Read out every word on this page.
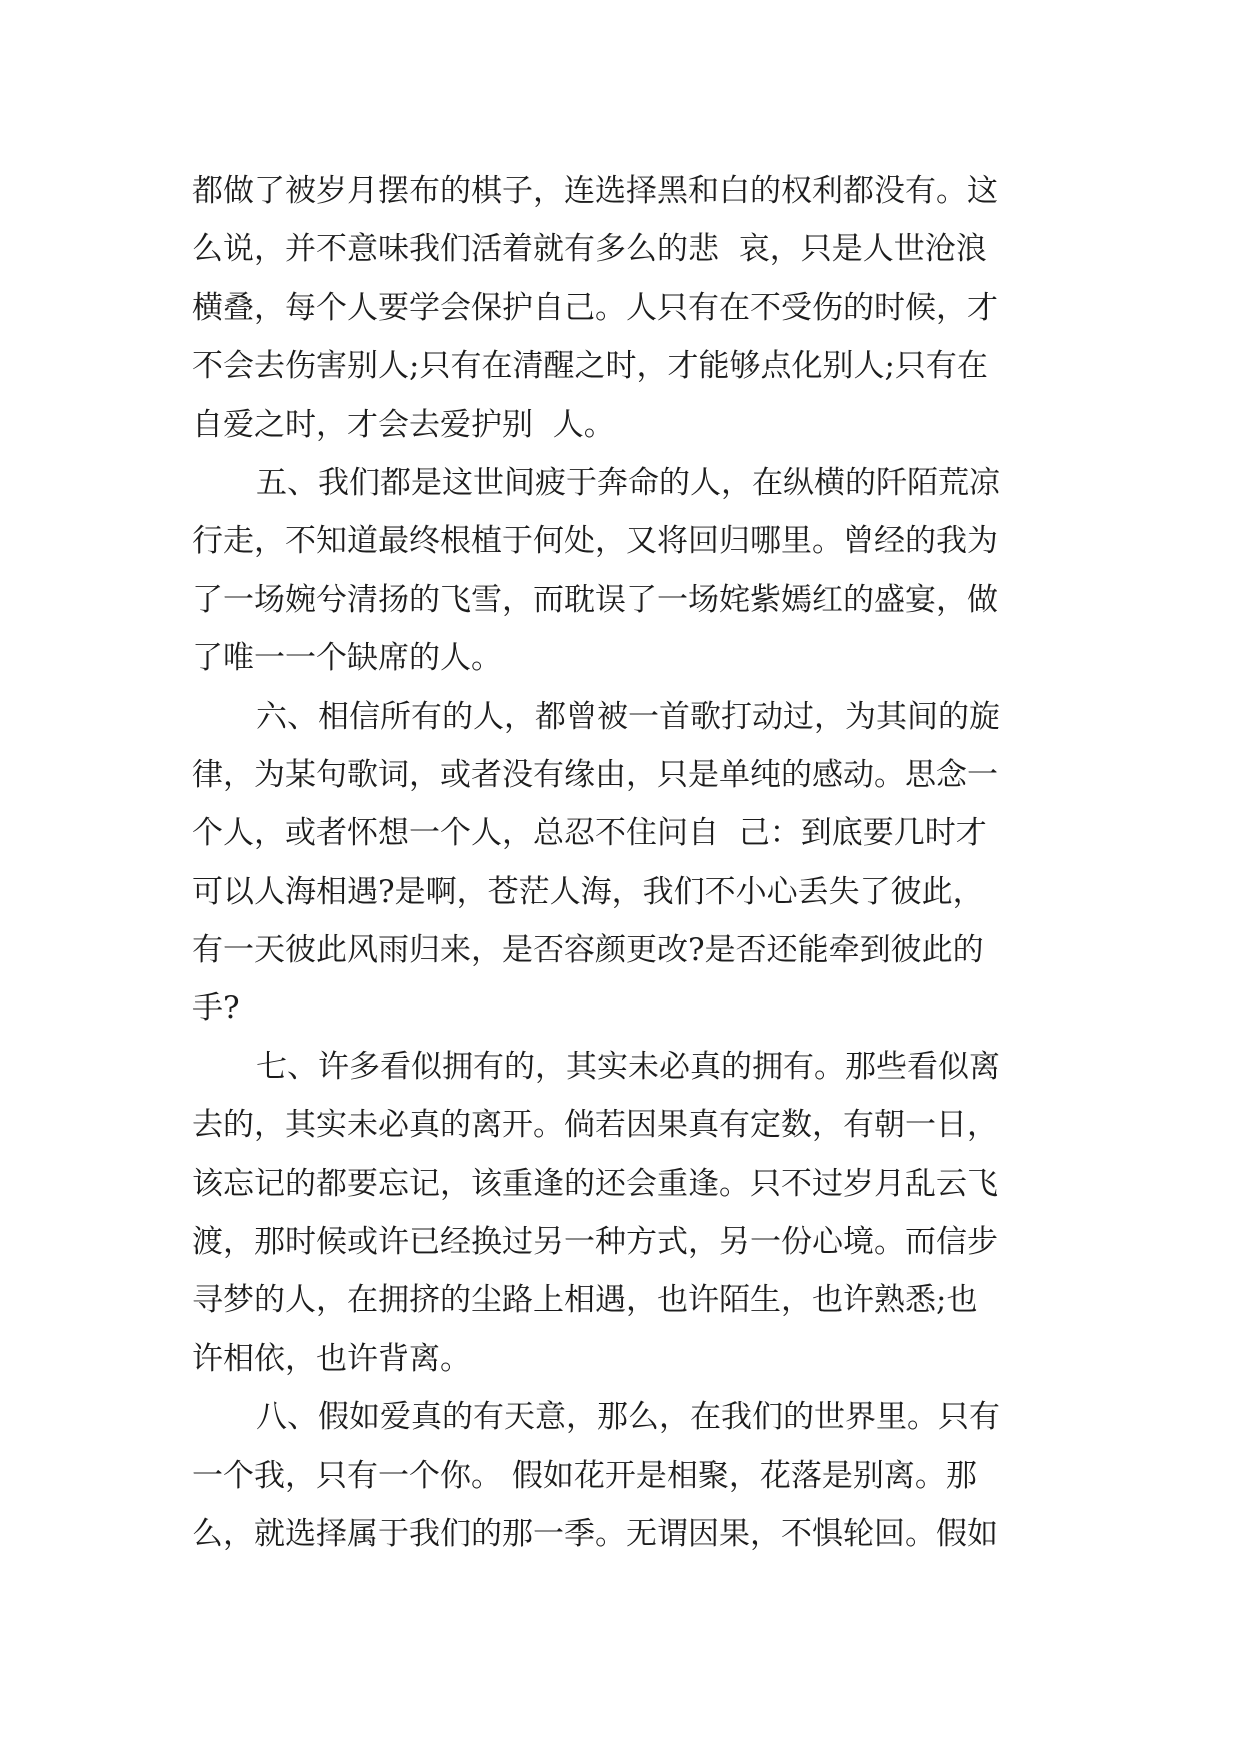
都做了被岁月摆布的棋子，连选择黑和白的权利都没有。这
么说，并不意味我们活着就有多么的悲  哀，只是人世沧浪
横叠，每个人要学会保护自己。人只有在不受伤的时候，才
不会去伤害别人;只有在清醒之时，才能够点化别人;只有在
自爱之时，才会去爱护别  人。
五、我们都是这世间疲于奔命的人，在纵横的阡陌荒凉
行走，不知道最终根植于何处，又将回归哪里。曾经的我为
了一场婉兮清扬的飞雪，而耽误了一场姹紫嫣红的盛宴，做
了唯一一个缺席的人。
六、相信所有的人，都曾被一首歌打动过，为其间的旋
律，为某句歌词，或者没有缘由，只是单纯的感动。思念一
个人，或者怀想一个人，总忍不住问自  己：到底要几时才
可以人海相遇?是啊，苍茫人海，我们不小心丢失了彼此，
有一天彼此风雨归来，是否容颜更改?是否还能牵到彼此的
手?
七、许多看似拥有的，其实未必真的拥有。那些看似离
去的，其实未必真的离开。倘若因果真有定数，有朝一日，
该忘记的都要忘记，该重逢的还会重逢。只不过岁月乱云飞
渡，那时候或许已经换过另一种方式，另一份心境。而信步
寻梦的人，在拥挤的尘路上相遇，也许陌生，也许熟悉;也
许相依，也许背离。
八、假如爱真的有天意，那么，在我们的世界里。只有
一个我，只有一个你。 假如花开是相聚，花落是别离。那
么，就选择属于我们的那一季。无谓因果，不惧轮回。假如
